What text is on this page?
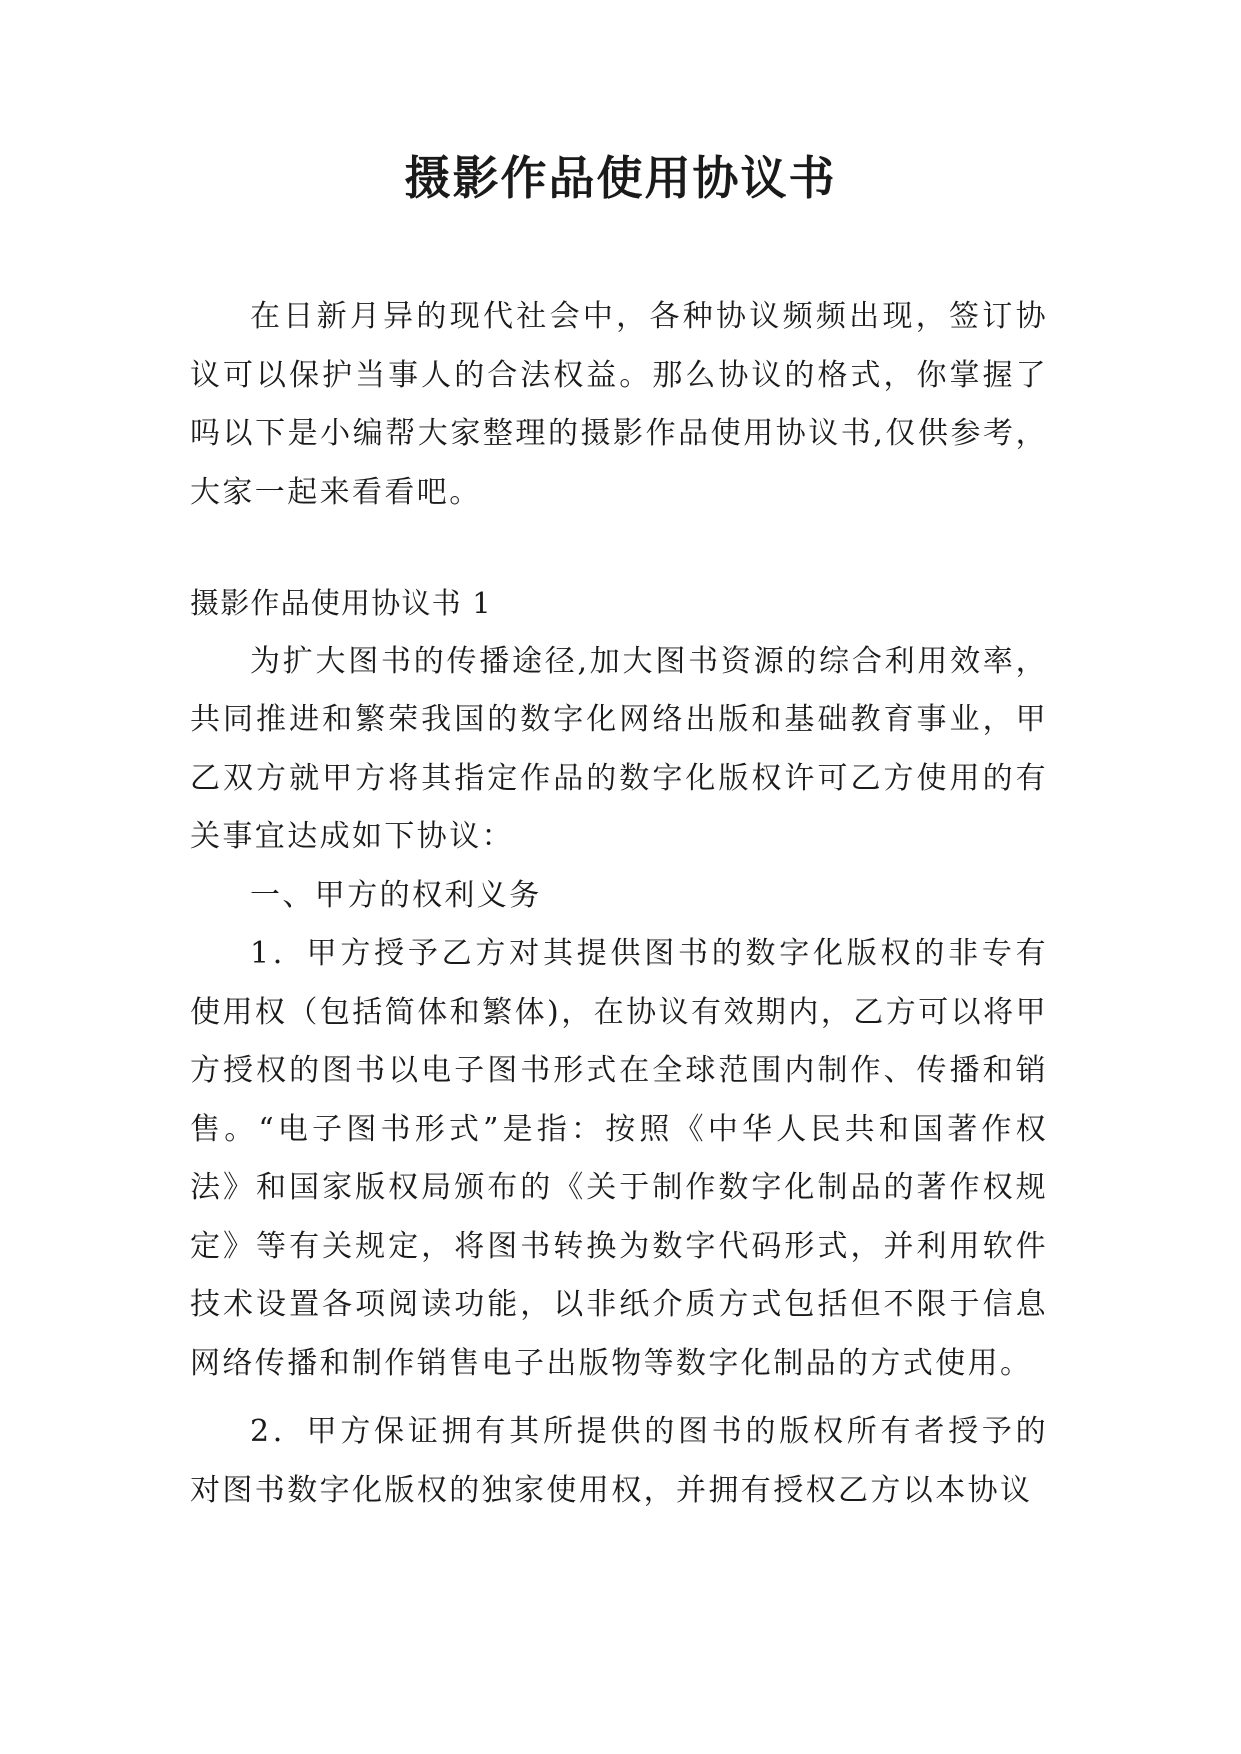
摄影作品使用协议书

在日新月异的现代社会中，各种协议频频出现，签订协议可以保护当事人的合法权益。那么协议的格式，你掌握了吗以下是小编帮大家整理的摄影作品使用协议书,仅供参考，大家一起来看看吧。

摄影作品使用协议书 1

为扩大图书的传播途径,加大图书资源的综合利用效率，共同推进和繁荣我国的数字化网络出版和基础教育事业，甲乙双方就甲方将其指定作品的数字化版权许可乙方使用的有关事宜达成如下协议：

一、甲方的权利义务

1．甲方授予乙方对其提供图书的数字化版权的非专有使用权（包括简体和繁体)，在协议有效期内，乙方可以将甲方授权的图书以电子图书形式在全球范围内制作、传播和销售。“电子图书形式”是指：按照《中华人民共和国著作权法》和国家版权局颁布的《关于制作数字化制品的著作权规定》等有关规定，将图书转换为数字代码形式，并利用软件技术设置各项阅读功能，以非纸介质方式包括但不限于信息网络传播和制作销售电子出版物等数字化制品的方式使用。

2．甲方保证拥有其所提供的图书的版权所有者授予的对图书数字化版权的独家使用权，并拥有授权乙方以本协议
